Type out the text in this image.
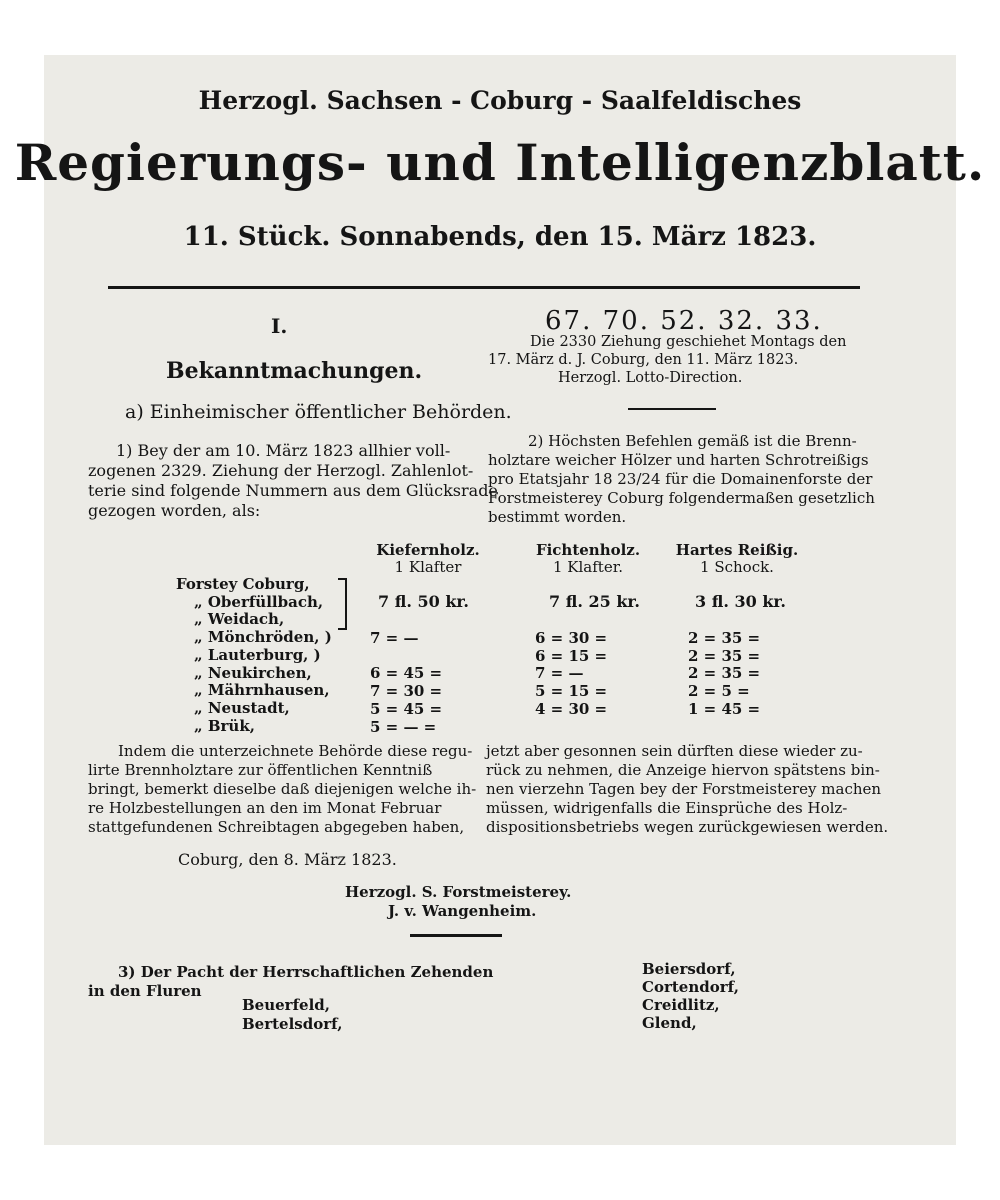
Herzogl. Sachsen - Coburg - Saalfeldisches
Regierungs- und Intelligenzblatt.
11. Stück. Sonnabends, den 15. März 1823.
I.
Bekanntmachungen.
a) Einheimischer öffentlicher Behörden.

1) Bey der am 10. März 1823 allhier voll-

zogenen 2329. Ziehung der Herzogl. Zahlenlot-

terie sind folgende Nummern aus dem Glücksrade

gezogen worden, als:

67. 70. 52. 32. 33.

Die 2330 Ziehung geschiehet Montags den

17. März d. J. Coburg, den 11. März 1823.

Herzogl. Lotto-Direction.

2) Höchsten Befehlen gemäß ist die Brenn-

holztare weicher Hölzer und harten Schrotreißigs

pro Etatsjahr 18 23/24 für die Domainenforste der

Forstmeisterey Coburg folgendermaßen gesetzlich

bestimmt worden.

Kiefernholz.
1 Klafter
Fichtenholz.
1 Klafter.
Hartes Reißig.
1 Schock.
Forstey Coburg,
„ Oberfüllbach,
„ Weidach,
„ Mönchröden, )
„ Lauterburg, )
„ Neukirchen,
„ Mährnhausen,
„ Neustadt,
„ Brük,
7 fl. 50 kr.	7 fl. 25 kr.	3 fl. 30 kr.
7 = —
6 = 45 =
7 = 30 =
5 = 45 =
5 = — =
6 = 30 =
6 = 15 =
7 = —
5 = 15 =
4 = 30 =
2 = 35 =
2 = 35 =
2 = 35 =
2 = 5 =
1 = 45 =

Indem die unterzeichnete Behörde diese regu-

lirte Brennholztare zur öffentlichen Kenntniß

bringt, bemerkt dieselbe daß diejenigen welche ih-

re Holzbestellungen an den im Monat Februar

stattgefundenen Schreibtagen abgegeben haben,

jetzt aber gesonnen sein dürften diese wieder zu-

rück zu nehmen, die Anzeige hiervon spätstens bin-

nen vierzehn Tagen bey der Forstmeisterey machen

müssen, widrigenfalls die Einsprüche des Holz-

dispositionsbetriebs wegen zurückgewiesen werden.

Coburg, den 8. März 1823.
Herzogl. S. Forstmeisterey.
J. v. Wangenheim.
3) Der Pacht der Herrschaftlichen Zehenden
in den Fluren
Beuerfeld,
Bertelsdorf,
Beiersdorf,
Cortendorf,
Creidlitz,
Glend,
